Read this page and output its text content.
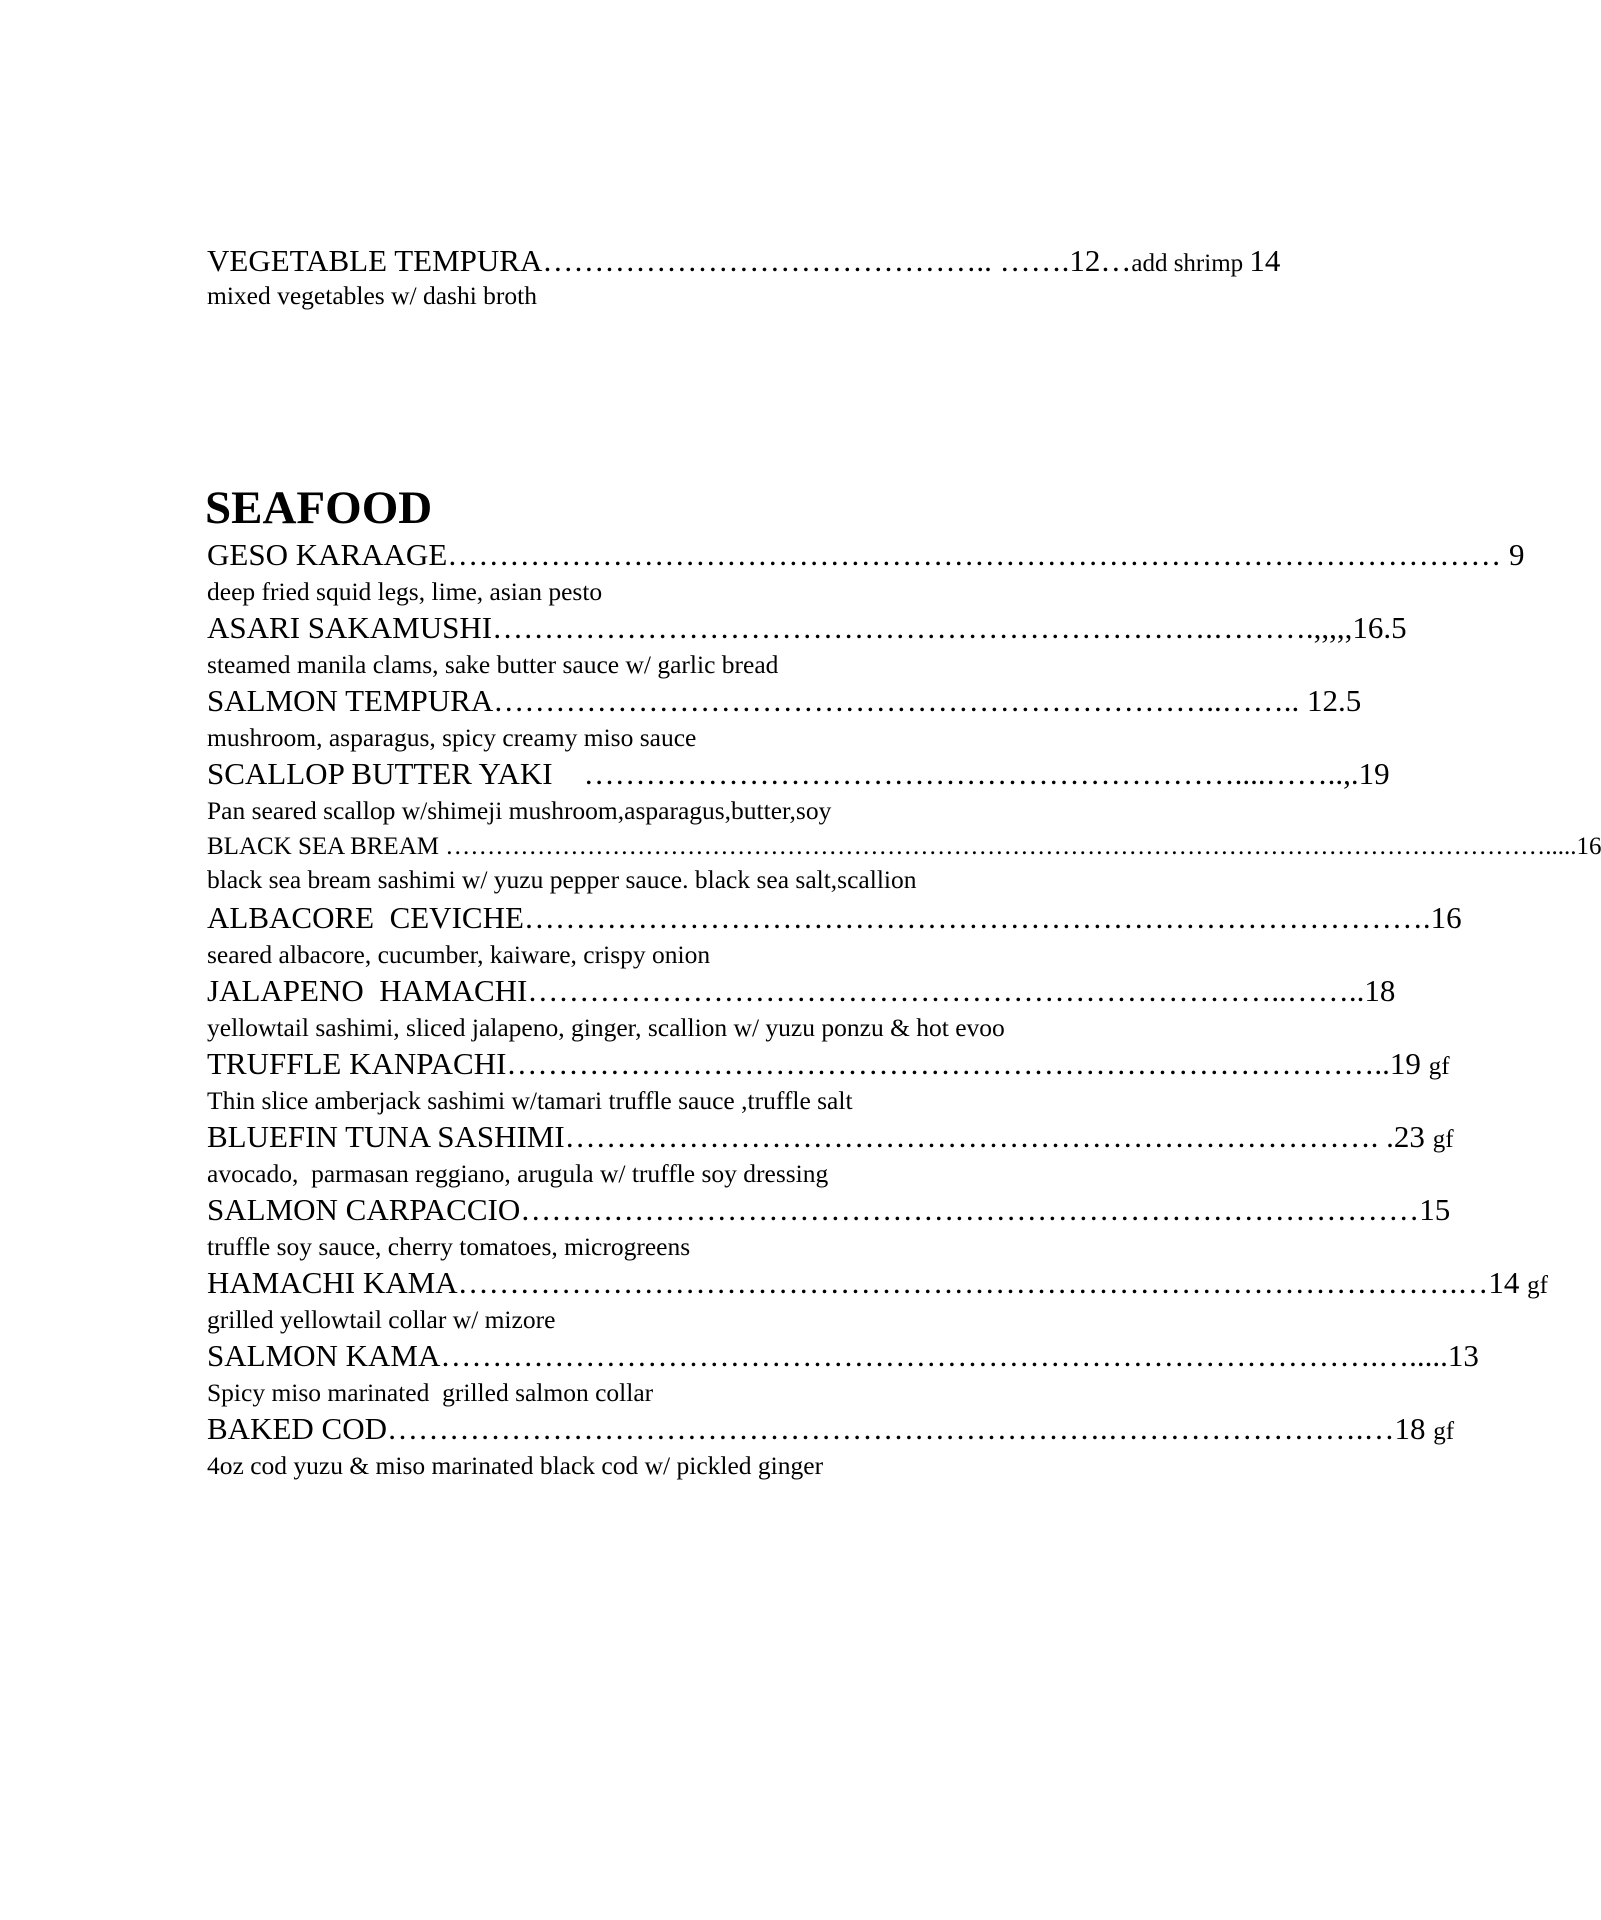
VEGETABLE TEMPURA…………………………………….. …….12…add shrimp 14
mixed vegetables w/ dashi broth
SEAFOOD
GESO KARAAGE………………………………………………………………………………………… 9
deep fried squid legs, lime, asian pesto
ASARI SAKAMUSHI…………………………………………………………….……….,,,,,16.5
steamed manila clams, sake butter sauce w/ garlic bread
SALMON TEMPURA……………………………………………………………..…….. 12.5
mushroom, asparagus, spicy creamy miso sauce
SCALLOP BUTTER YAKI    ………………………………………………………....……..,.19
Pan seared scallop w/shimeji mushroom,asparagus,butter,soy
BLACK SEA BREAM …………………………………………………………………………………………………………………….....16
black sea bream sashimi w/ yuzu pepper sauce. black sea salt,scallion
ALBACORE  CEVICHE…………………………………………………………………………….16
seared albacore, cucumber, kaiware, crispy onion
JALAPENO  HAMACHI………………………………………………………………..……..18
yellowtail sashimi, sliced jalapeno, ginger, scallion w/ yuzu ponzu & hot evoo
TRUFFLE KANPACHI…………………………………………………………………………..19 gf
Thin slice amberjack sashimi w/tamari truffle sauce ,truffle salt
BLUEFIN TUNA SASHIMI……………………………………………………………………. .23 gf
avocado,  parmasan reggiano, arugula w/ truffle soy dressing
SALMON CARPACCIO……………………………………………………………………………15
truffle soy sauce, cherry tomatoes, microgreens
HAMACHI KAMA…………………………………………………………………………………….…14 gf
grilled yellowtail collar w/ mizore
SALMON KAMA……………………………………………………………………………….….....13
Spicy miso marinated  grilled salmon collar
BAKED COD…………………………………………………………….…………………….…18 gf
4oz cod yuzu & miso marinated black cod w/ pickled ginger
